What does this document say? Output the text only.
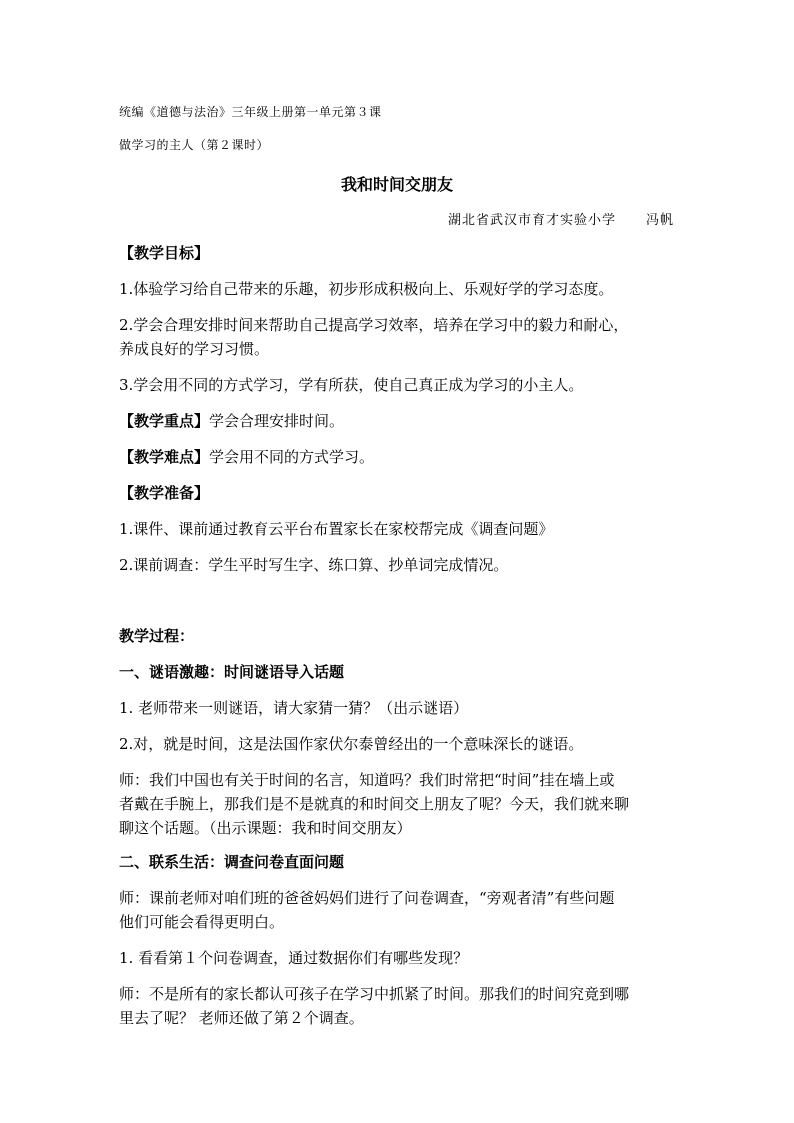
统编《道德与法治》三年级上册第一单元第３课
做学习的主人（第２课时）
我和时间交朋友
湖北省武汉市育才实验小学 冯帆
【教学目标】
1.体验学习给自己带来的乐趣，初步形成积极向上、乐观好学的学习态度。
2.学会合理安排时间来帮助自己提高学习效率，培养在学习中的毅力和耐心，
养成良好的学习习惯。
3.学会用不同的方式学习，学有所获，使自己真正成为学习的小主人。
【教学重点】学会合理安排时间。
【教学难点】学会用不同的方式学习。
【教学准备】
1.课件、课前通过教育云平台布置家长在家校帮完成《调查问题》
2.课前调查：学生平时写生字、练口算、抄单词完成情况。
教学过程：
一、谜语激趣：时间谜语导入话题
1. 老师带来一则谜语，请大家猜一猜？（出示谜语）
2.对，就是时间，这是法国作家伏尔泰曾经出的一个意味深长的谜语。
师：我们中国也有关于时间的名言，知道吗？我们时常把“时间”挂在墙上或
者戴在手腕上，那我们是不是就真的和时间交上朋友了呢？今天，我们就来聊
聊这个话题。（出示课题：我和时间交朋友）
二、联系生活：调查问卷直面问题
师：课前老师对咱们班的爸爸妈妈们进行了问卷调查，“旁观者清”有些问题
他们可能会看得更明白。
1. 看看第１个问卷调查，通过数据你们有哪些发现？
师：不是所有的家长都认可孩子在学习中抓紧了时间。那我们的时间究竟到哪
里去了呢？ 老师还做了第２个调查。
